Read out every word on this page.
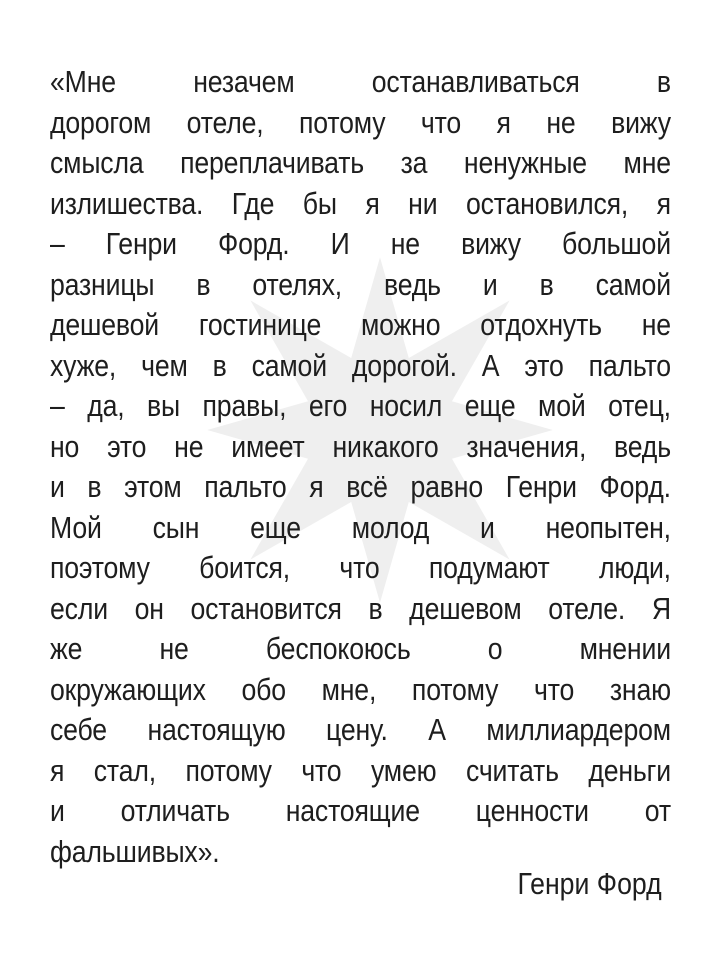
«Мне незачем останавливаться в
дорогом отеле, потому что я не вижу
смысла переплачивать за ненужные мне
излишества. Где бы я ни остановился, я
– Генри Форд. И не вижу большой
разницы в отелях, ведь и в самой
дешевой гостинице можно отдохнуть не
хуже, чем в самой дорогой. А это пальто
– да, вы правы, его носил еще мой отец,
но это не имеет никакого значения, ведь
и в этом пальто я всё равно Генри Форд.
Мой сын еще молод и неопытен,
поэтому боится, что подумают люди,
если он остановится в дешевом отеле. Я
же не беспокоюсь о мнении
окружающих обо мне, потому что знаю
себе настоящую цену. А миллиардером
я стал, потому что умею считать деньги
и отличать настоящие ценности от
фальшивых».

Генри Форд
